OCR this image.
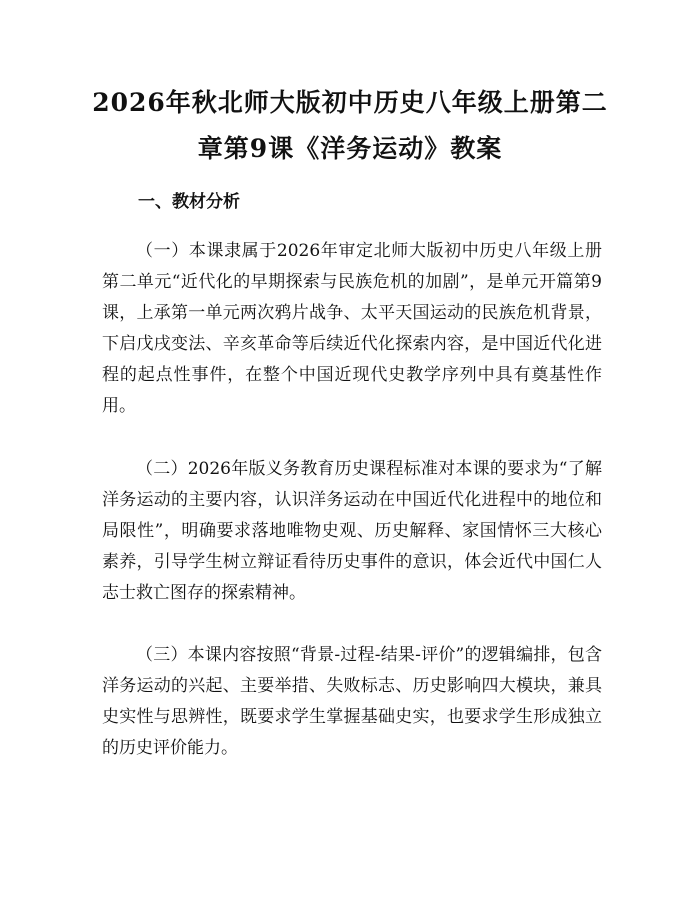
2026年秋北师大版初中历史八年级上册第二
章第9课《洋务运动》教案
一、教材分析

（一）本课隶属于2026年审定北师大版初中历史八年级上册第二单元“近代化的早期探索与民族危机的加剧”，是单元开篇第9课，上承第一单元两次鸦片战争、太平天国运动的民族危机背景，下启戊戌变法、辛亥革命等后续近代化探索内容，是中国近代化进程的起点性事件，在整个中国近现代史教学序列中具有奠基性作用。

（二）2026年版义务教育历史课程标准对本课的要求为“了解洋务运动的主要内容，认识洋务运动在中国近代化进程中的地位和局限性”，明确要求落地唯物史观、历史解释、家国情怀三大核心素养，引导学生树立辩证看待历史事件的意识，体会近代中国仁人志士救亡图存的探索精神。

（三）本课内容按照“背景-过程-结果-评价”的逻辑编排，包含洋务运动的兴起、主要举措、失败标志、历史影响四大模块，兼具史实性与思辨性，既要求学生掌握基础史实，也要求学生形成独立的历史评价能力。
